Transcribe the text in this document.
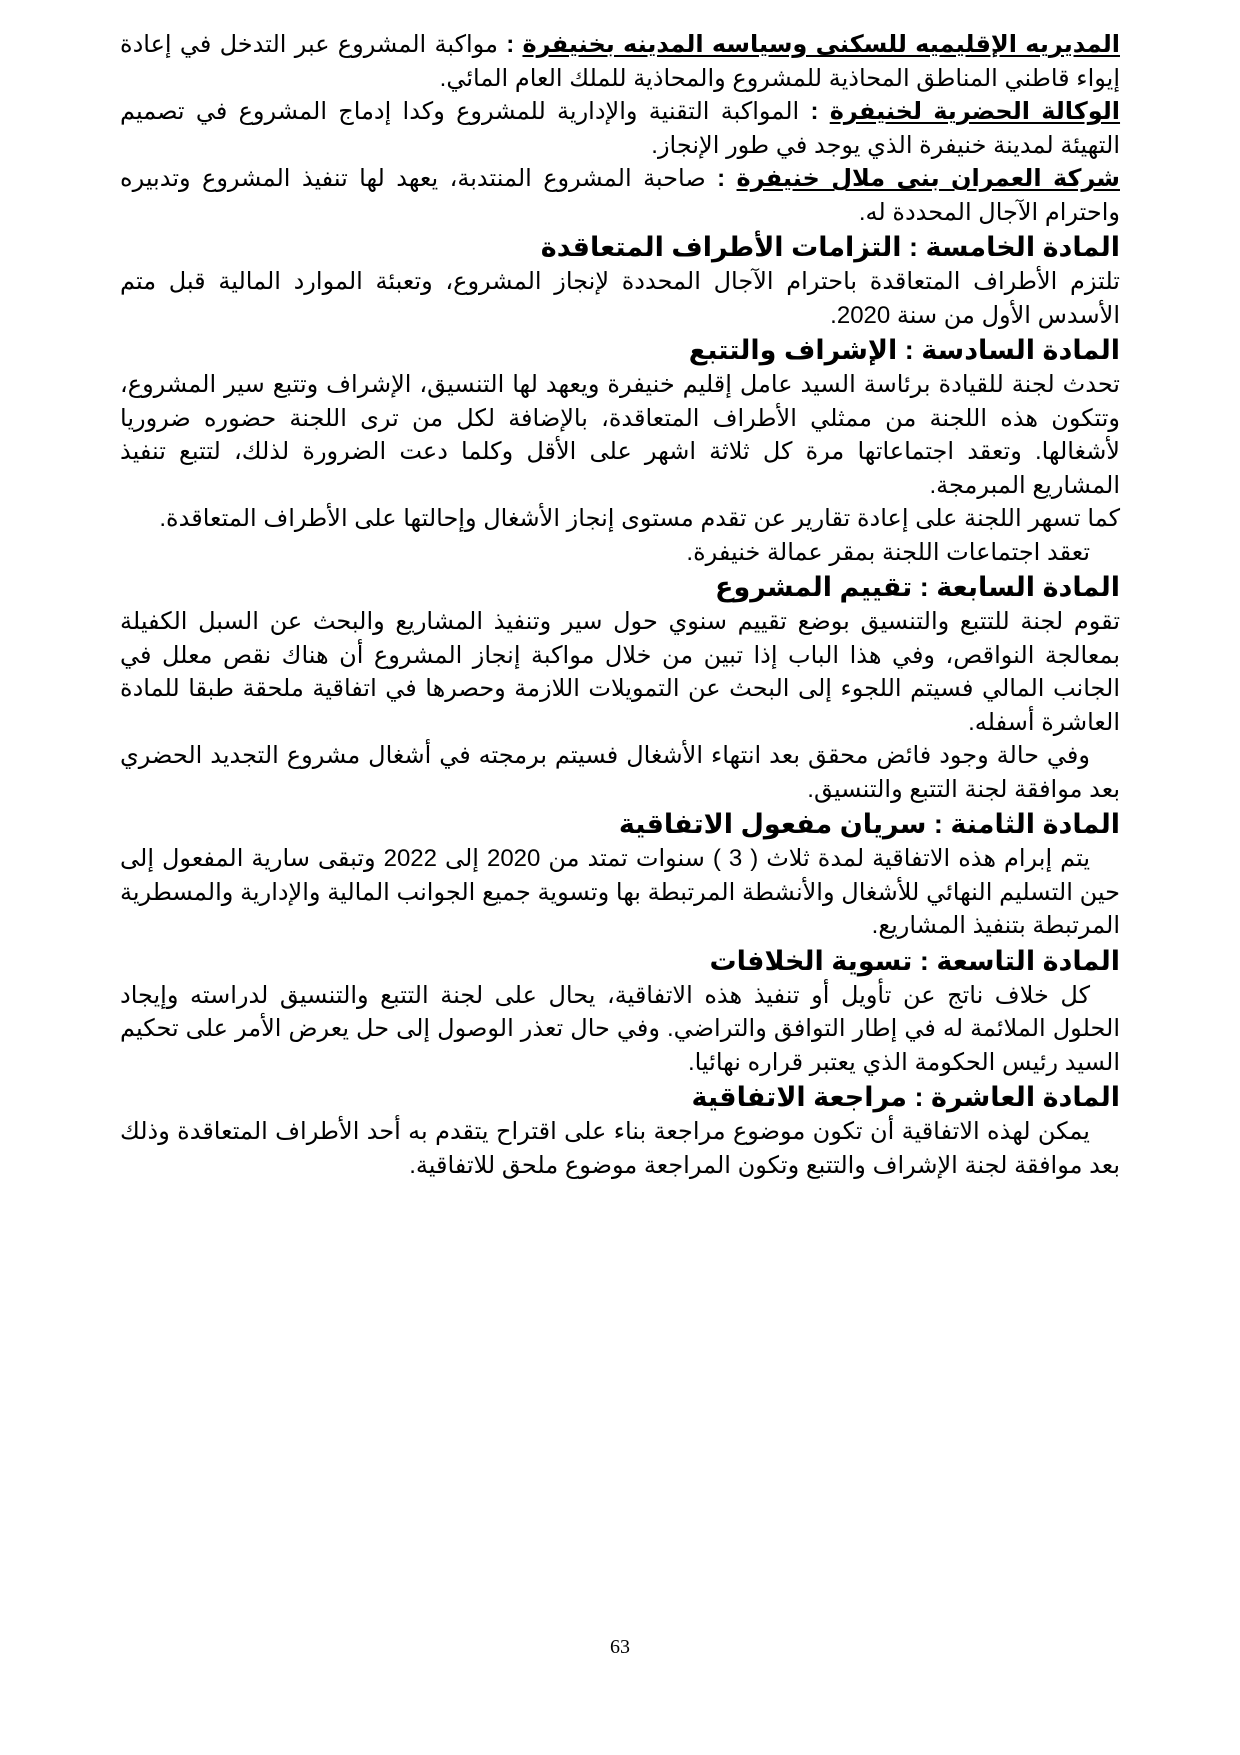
المديريه الإقليميه للسكنى وسياسه المدينه بخنيفرة : مواكبة المشروع عبر التدخل في إعادة إيواء قاطني المناطق المحاذية للمشروع والمحاذية للملك العام المائي.

الوكالة الحضرية لخنيفرة : المواكبة التقنية والإدارية للمشروع وكدا إدماج المشروع في تصميم التهيئة لمدينة خنيفرة الذي يوجد في طور الإنجاز.

شركة العمران بنى ملال خنيفرة : صاحبة المشروع المنتدبة، يعهد لها تنفيذ المشروع وتدبيره واحترام الآجال المحددة له.

المادة الخامسة : التزامات الأطراف المتعاقدة

تلتزم الأطراف المتعاقدة باحترام الآجال المحددة لإنجاز المشروع، وتعبئة الموارد المالية قبل متم الأسدس الأول من سنة 2020.

المادة السادسة : الإشراف والتتبع

تحدث لجنة للقيادة برئاسة السيد عامل إقليم خنيفرة ويعهد لها التنسيق، الإشراف وتتبع سير المشروع، وتتكون هذه اللجنة من ممثلي الأطراف المتعاقدة، بالإضافة لكل من ترى اللجنة حضوره ضروريا لأشغالها. وتعقد اجتماعاتها مرة كل ثلاثة اشهر على الأقل وكلما دعت الضرورة لذلك، لتتبع تنفيذ المشاريع المبرمجة.

كما تسهر اللجنة على إعادة تقارير عن تقدم مستوى إنجاز الأشغال وإحالتها على الأطراف المتعاقدة.

تعقد اجتماعات اللجنة بمقر عمالة خنيفرة.

المادة السابعة : تقييم المشروع

تقوم لجنة للتتبع والتنسيق بوضع تقييم سنوي حول سير وتنفيذ المشاريع والبحث عن السبل الكفيلة بمعالجة النواقص، وفي هذا الباب إذا تبين من خلال مواكبة إنجاز المشروع أن هناك نقص معلل في الجانب المالي فسيتم اللجوء إلى البحث عن التمويلات اللازمة وحصرها في اتفاقية ملحقة طبقا للمادة العاشرة أسفله.

وفي حالة وجود فائض محقق بعد انتهاء الأشغال فسيتم برمجته في أشغال مشروع التجديد الحضري بعد موافقة لجنة التتبع والتنسيق.

المادة الثامنة : سريان مفعول الاتفاقية

يتم إبرام هذه الاتفاقية لمدة ثلاث ( 3 ) سنوات تمتد من 2020 إلى 2022 وتبقى سارية المفعول إلى حين التسليم النهائي للأشغال والأنشطة المرتبطة بها وتسوية جميع الجوانب المالية والإدارية والمسطرية المرتبطة بتنفيذ المشاريع.

المادة التاسعة : تسوية الخلافات

كل خلاف ناتج عن تأويل أو تنفيذ هذه الاتفاقية، يحال على لجنة التتبع والتنسيق لدراسته وإيجاد الحلول الملائمة له في إطار التوافق والتراضي. وفي حال تعذر الوصول إلى حل يعرض الأمر على تحكيم السيد رئيس الحكومة الذي يعتبر قراره نهائيا.

المادة العاشرة : مراجعة الاتفاقية

يمكن لهذه الاتفاقية أن تكون موضوع مراجعة بناء على اقتراح يتقدم به أحد الأطراف المتعاقدة وذلك بعد موافقة لجنة الإشراف والتتبع وتكون المراجعة موضوع ملحق للاتفاقية.

63
